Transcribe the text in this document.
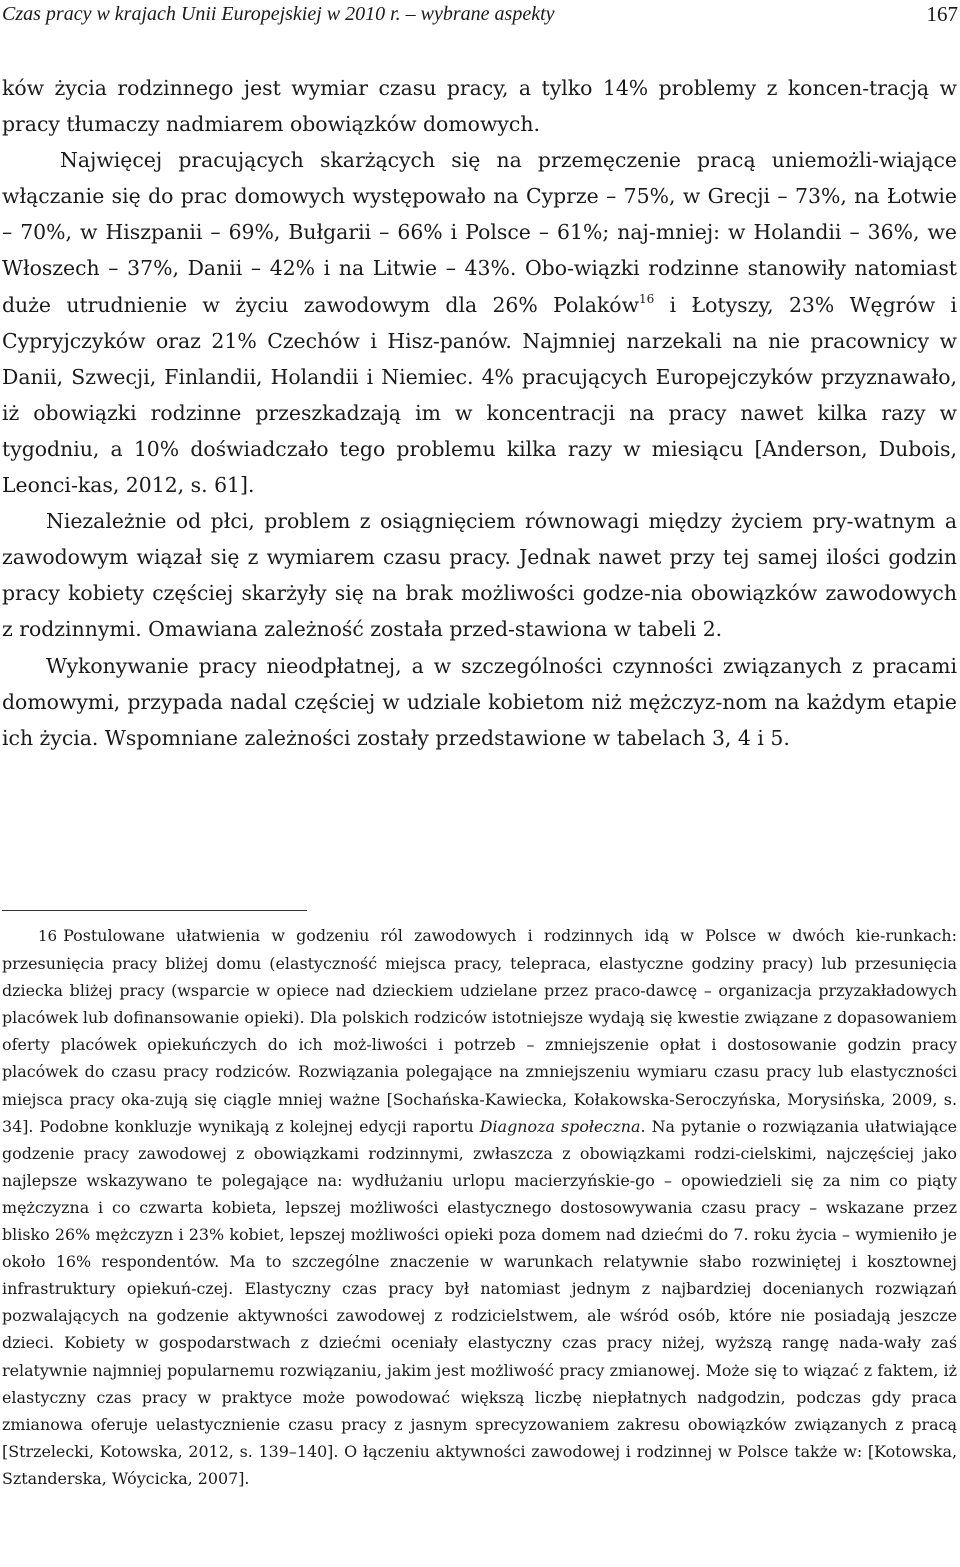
Czas pracy w krajach Unii Europejskiej w 2010 r. – wybrane aspekty	167

ków życia rodzinnego jest wymiar czasu pracy, a tylko 14% problemy z koncen-tracją w pracy tłumaczy nadmiarem obowiązków domowych.
Najwięcej pracujących skarżących się na przemęczenie pracą uniemożli-wiające włączanie się do prac domowych występowało na Cyprze – 75%, w Grecji – 73%, na Łotwie – 70%, w Hiszpanii – 69%, Bułgarii – 66% i Polsce – 61%; naj-mniej: w Holandii – 36%, we Włoszech – 37%, Danii – 42% i na Litwie – 43%. Obo-wiązki rodzinne stanowiły natomiast duże utrudnienie w życiu zawodowym dla 26% Polaków$^{16}$ i Łotyszy, 23% Węgrów i Cypryjczyków oraz 21% Czechów i Hisz-panów. Najmniej narzekali na nie pracownicy w Danii, Szwecji, Finlandii, Holandii i Niemiec. 4% pracujących Europejczyków przyznawało, iż obowiązki rodzinne przeszkadzają im w koncentracji na pracy nawet kilka razy w tygodniu, a 10% doświadczało tego problemu kilka razy w miesiącu [Anderson, Dubois, Leonci-kas, 2012, s. 61].

Niezależnie od płci, problem z osiągnięciem równowagi między życiem pry-watnym a zawodowym wiązał się z wymiarem czasu pracy. Jednak nawet przy tej samej ilości godzin pracy kobiety częściej skarżyły się na brak możliwości godze-nia obowiązków zawodowych z rodzinnymi. Omawiana zależność została przed-stawiona w tabeli 2.

Wykonywanie pracy nieodpłatnej, a w szczególności czynności związanych z pracami domowymi, przypada nadal częściej w udziale kobietom niż mężczyz-nom na każdym etapie ich życia. Wspomniane zależności zostały przedstawione w tabelach 3, 4 i 5.

16 Postulowane ułatwienia w godzeniu ról zawodowych i rodzinnych idą w Polsce w dwóch kie-runkach: przesunięcia pracy bliżej domu (elastyczność miejsca pracy, telepraca, elastyczne godziny pracy) lub przesunięcia dziecka bliżej pracy (wsparcie w opiece nad dzieckiem udzielane przez praco-dawcę – organizacja przyzakładowych placówek lub dofinansowanie opieki). Dla polskich rodziców istotniejsze wydają się kwestie związane z dopasowaniem oferty placówek opiekuńczych do ich moż-liwości i potrzeb – zmniejszenie opłat i dostosowanie godzin pracy placówek do czasu pracy rodziców. Rozwiązania polegające na zmniejszeniu wymiaru czasu pracy lub elastyczności miejsca pracy oka-zują się ciągle mniej ważne [Sochańska-Kawiecka, Kołakowska-Seroczyńska, Morysińska, 2009, s. 34]. Podobne konkluzje wynikają z kolejnej edycji raportu Diagnoza społeczna. Na pytanie o rozwiązania ułatwiające godzenie pracy zawodowej z obowiązkami rodzinnymi, zwłaszcza z obowiązkami rodzi-cielskimi, najczęściej jako najlepsze wskazywano te polegające na: wydłużaniu urlopu macierzyńskie-go – opowiedzieli się za nim co piąty mężczyzna i co czwarta kobieta, lepszej możliwości elastycznego dostosowywania czasu pracy – wskazane przez blisko 26% mężczyzn i 23% kobiet, lepszej możliwości opieki poza domem nad dziećmi do 7. roku życia – wymieniło je około 16% respondentów. Ma to szczególne znaczenie w warunkach relatywnie słabo rozwiniętej i kosztownej infrastruktury opiekuń-czej. Elastyczny czas pracy był natomiast jednym z najbardziej docenianych rozwiązań pozwalających na godzenie aktywności zawodowej z rodzicielstwem, ale wśród osób, które nie posiadają jeszcze dzieci. Kobiety w gospodarstwach z dziećmi oceniały elastyczny czas pracy niżej, wyższą rangę nada-wały zaś relatywnie najmniej popularnemu rozwiązaniu, jakim jest możliwość pracy zmianowej. Może się to wiązać z faktem, iż elastyczny czas pracy w praktyce może powodować większą liczbę niepłatnych nadgodzin, podczas gdy praca zmianowa oferuje uelastycznienie czasu pracy z jasnym sprecyzowaniem zakresu obowiązków związanych z pracą [Strzelecki, Kotowska, 2012, s. 139–140]. O łączeniu aktywności zawodowej i rodzinnej w Polsce także w: [Kotowska, Sztanderska, Wóycicka, 2007].
